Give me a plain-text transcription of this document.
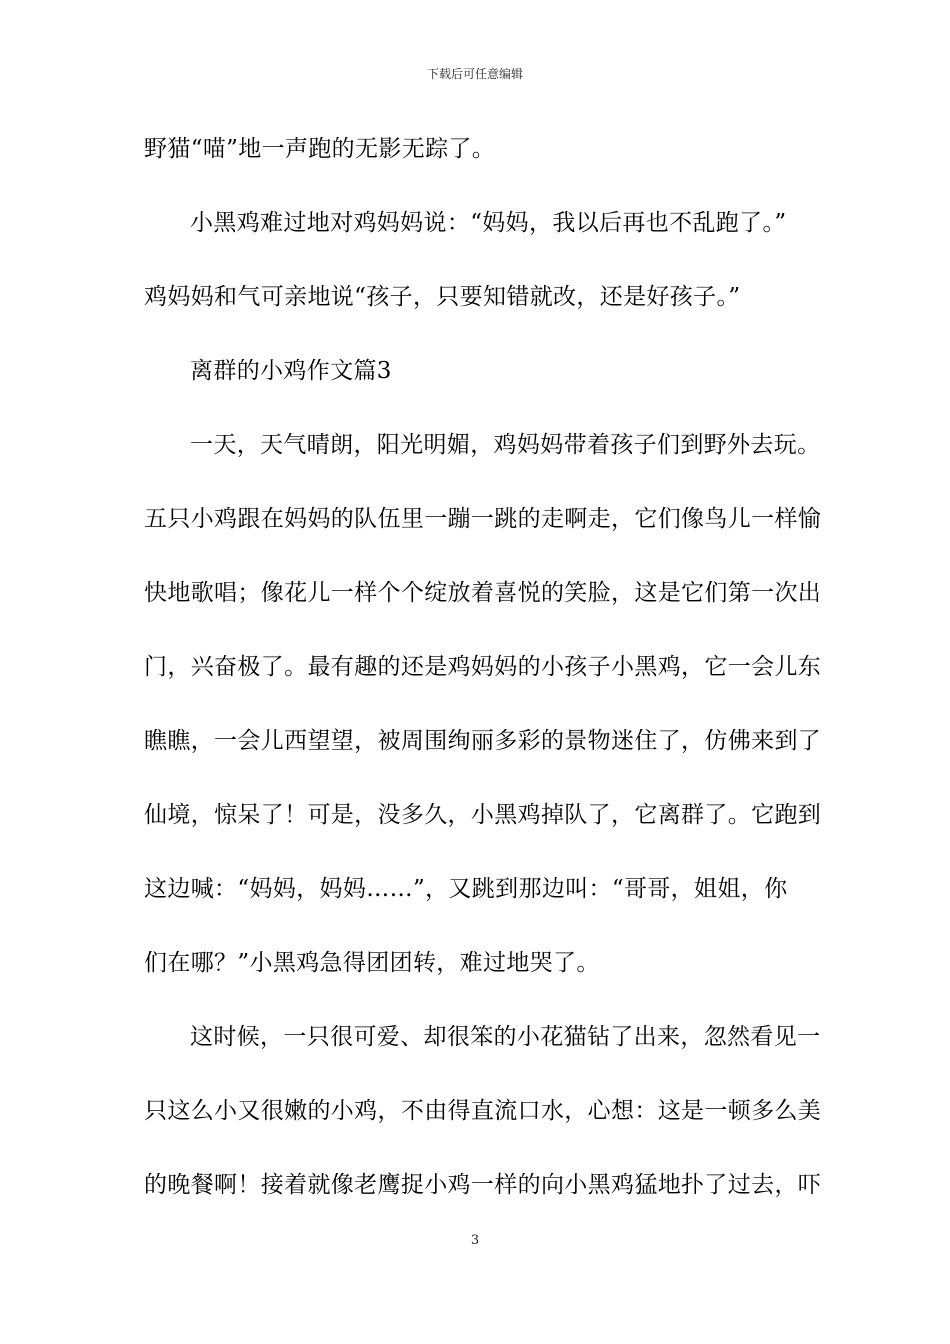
下载后可任意编辑
野猫“喵”地一声跑的无影无踪了。
小黑鸡难过地对鸡妈妈说：“妈妈，我以后再也不乱跑了。”
鸡妈妈和气可亲地说“孩子，只要知错就改，还是好孩子。”
离群的小鸡作文篇3
一天，天气晴朗，阳光明媚，鸡妈妈带着孩子们到野外去玩。
五只小鸡跟在妈妈的队伍里一蹦一跳的走啊走，它们像鸟儿一样愉
快地歌唱；像花儿一样个个绽放着喜悦的笑脸，这是它们第一次出
门，兴奋极了。最有趣的还是鸡妈妈的小孩子小黑鸡，它一会儿东
瞧瞧，一会儿西望望，被周围绚丽多彩的景物迷住了，仿佛来到了
仙境，惊呆了！可是，没多久，小黑鸡掉队了，它离群了。它跑到
这边喊：“妈妈，妈妈……”，又跳到那边叫：“哥哥，姐姐，你
们在哪？”小黑鸡急得团团转，难过地哭了。
这时候，一只很可爱、却很笨的小花猫钻了出来，忽然看见一
只这么小又很嫩的小鸡，不由得直流口水，心想：这是一顿多么美
的晚餐啊！接着就像老鹰捉小鸡一样的向小黑鸡猛地扑了过去，吓
3
